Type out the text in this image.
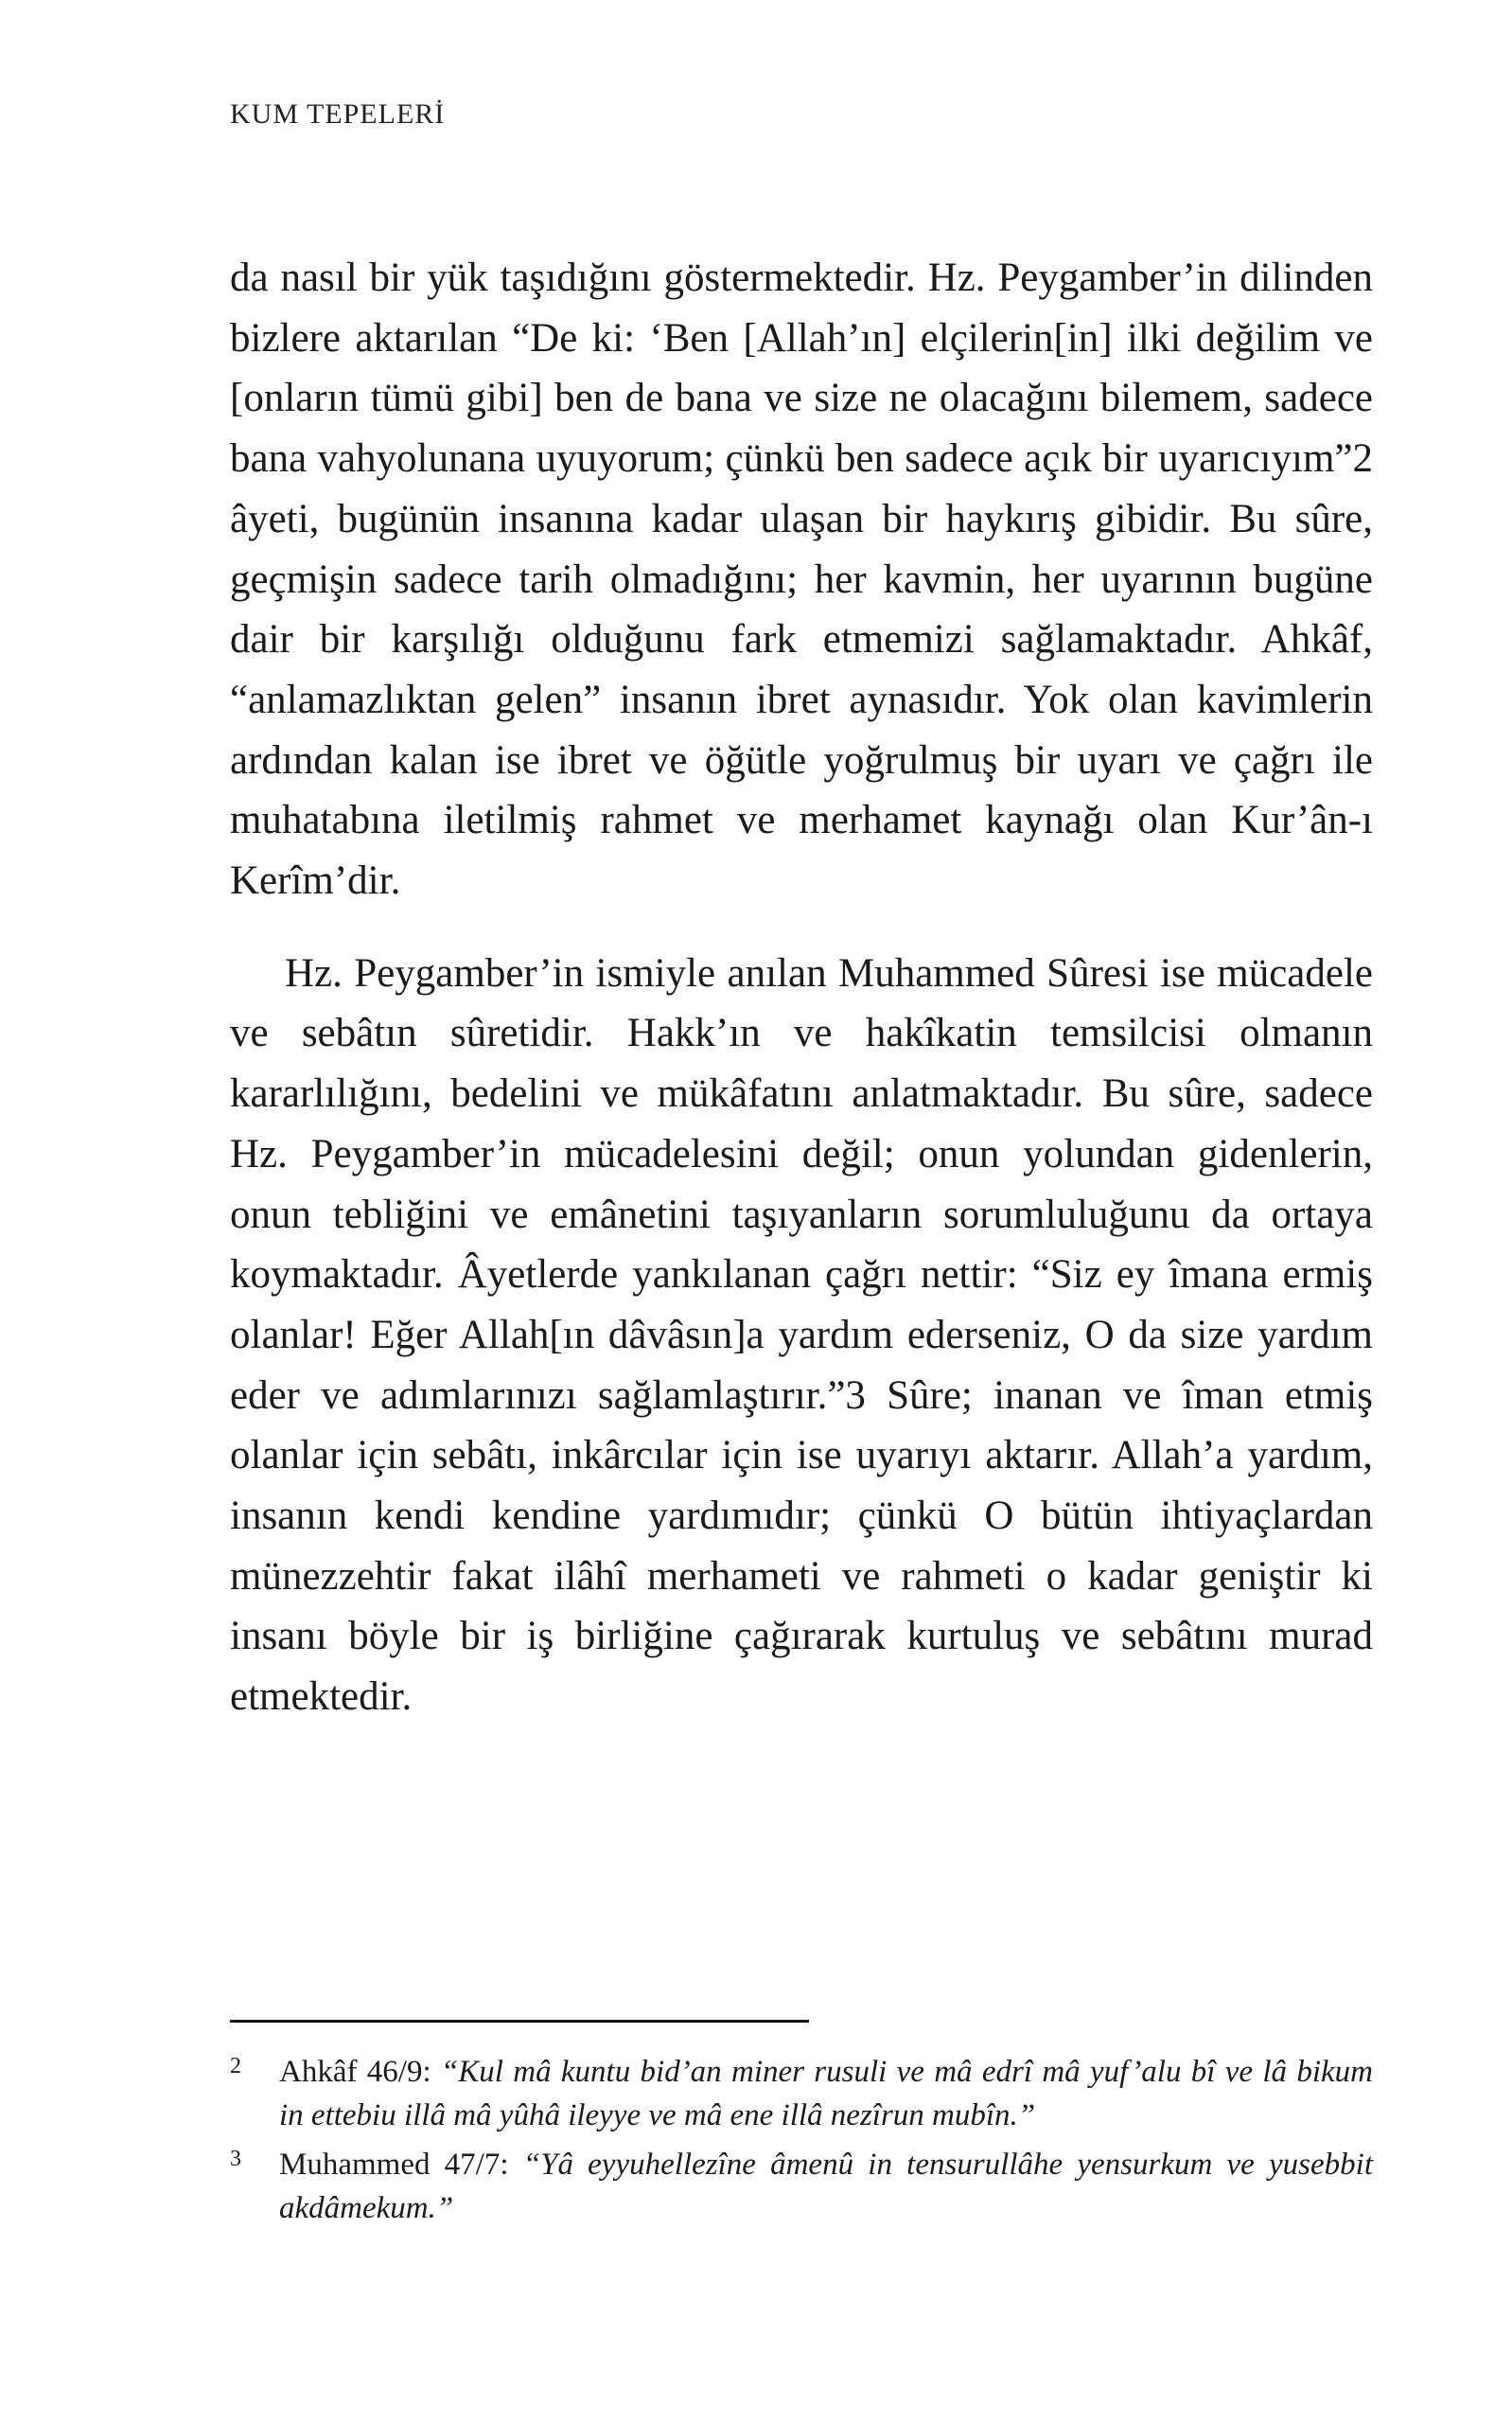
KUM TEPELERİ

da nasıl bir yük taşıdığını göstermektedir. Hz. Peygamber’in dilinden bizlere aktarılan “De ki: ‘Ben [Allah’ın] elçilerin[in] ilki değilim ve [onların tümü gibi] ben de bana ve size ne olacağını bilemem, sadece bana vahyolunana uyuyorum; çünkü ben sadece açık bir uyarıcıyım”2 âyeti, bugünün insanına kadar ulaşan bir haykırış gibidir. Bu sûre, geçmişin sadece tarih olmadığını; her kavmin, her uyarının bugüne dair bir karşılığı olduğunu fark etmemizi sağlamaktadır. Ahkâf, “anlamazlıktan gelen” insanın ibret aynasıdır. Yok olan kavimlerin ardından kalan ise ibret ve öğütle yoğrulmuş bir uyarı ve çağrı ile muhatabına iletilmiş rahmet ve merhamet kaynağı olan Kur’ân-ı Kerîm’dir.

Hz. Peygamber’in ismiyle anılan Muhammed Sûresi ise mücadele ve sebâtın sûretidir. Hakk’ın ve hakîkatin temsilcisi olmanın kararlılığını, bedelini ve mükâfatını anlatmaktadır. Bu sûre, sadece Hz. Peygamber’in mücadelesini değil; onun yolundan gidenlerin, onun tebliğini ve emânetini taşıyanların sorumluluğunu da ortaya koymaktadır. Âyetlerde yankılanan çağrı nettir: “Siz ey îmana ermiş olanlar! Eğer Allah[ın dâvâsın]a yardım ederseniz, O da size yardım eder ve adımlarınızı sağlamlaştırır.”3 Sûre; inanan ve îman etmiş olanlar için sebâtı, inkârcılar için ise uyarıyı aktarır. Allah’a yardım, insanın kendi kendine yardımıdır; çünkü O bütün ihtiyaçlardan münezzehtir fakat ilâhî merhameti ve rahmeti o kadar geniştir ki insanı böyle bir iş birliğine çağırarak kurtuluş ve sebâtını murad etmektedir.

2 Ahkâf 46/9: “Kul mâ kuntu bid’an miner rusuli ve mâ edrî mâ yuf’alu bî ve lâ bikum in ettebiu illâ mâ yûhâ ileyye ve mâ ene illâ nezîrun mubîn.”
3 Muhammed 47/7: “Yâ eyyuhellezîne âmenû in tensurullâhe yensurkum ve yusebbit akdâmekum.”
